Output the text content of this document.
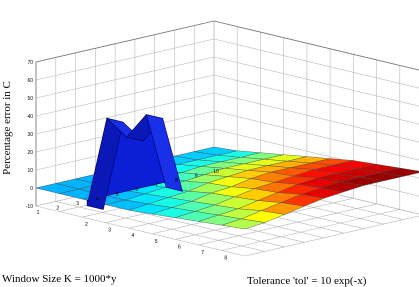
-10
0
10
20
30
40
50
60
70
1
2
3
4
5
6
7
8
9
10
2
3
4
5
6
7
8
Percentage error in C
Window Size K = 1000*y	Tolerance 'tol' = 10 exp(-x)
